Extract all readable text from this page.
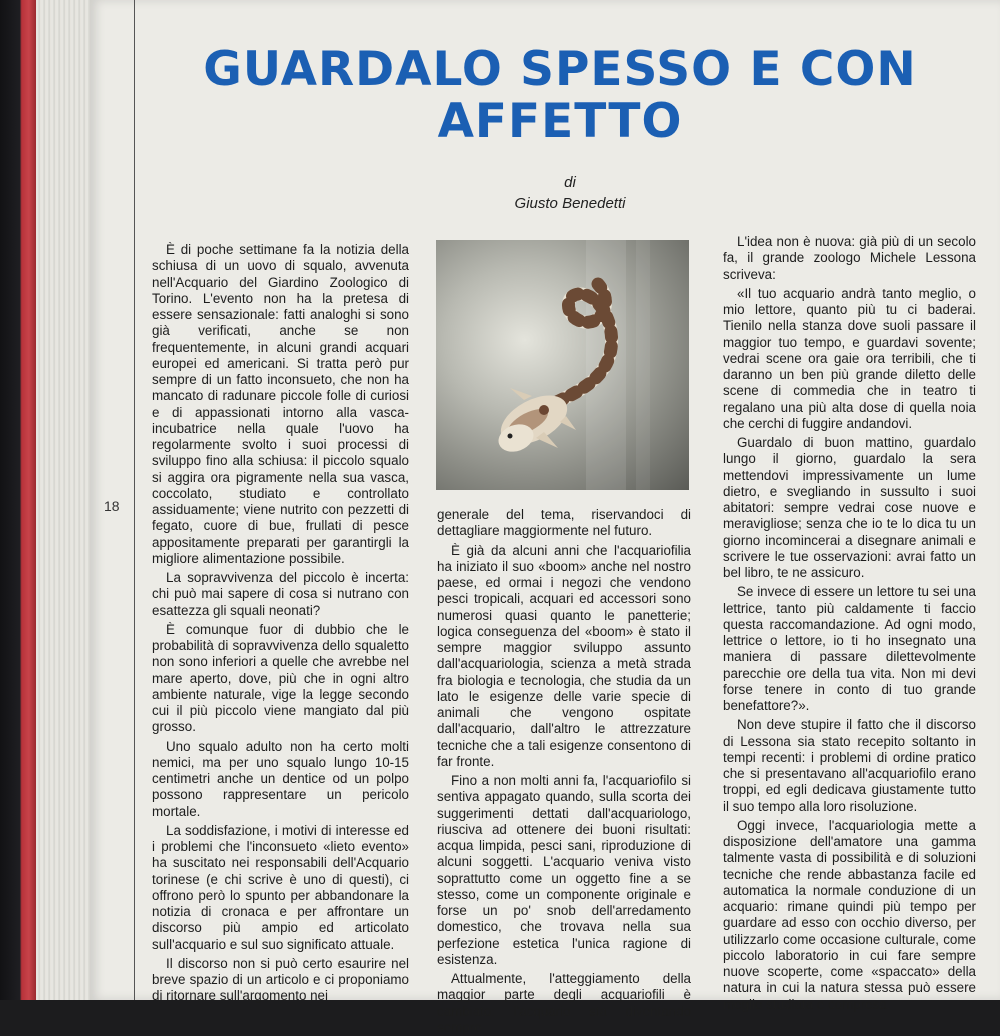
GUARDALO SPESSO E CON AFFETTO
di
Giusto Benedetti
18

È di poche settimane fa la notizia della schiusa di un uovo di squalo, avvenuta nell'Acquario del Giardino Zoologico di Torino. L'evento non ha la pretesa di essere sensazionale: fatti analoghi si sono già verificati, anche se non frequentemente, in alcuni grandi acquari europei ed americani. Si tratta però pur sempre di un fatto inconsueto, che non ha mancato di radunare piccole folle di curiosi e di appassionati intorno alla vasca-incubatrice nella quale l'uovo ha regolarmente svolto i suoi processi di sviluppo fino alla schiusa: il piccolo squalo si aggira ora pigramente nella sua vasca, coccolato, studiato e controllato assiduamente; viene nutrito con pezzetti di fegato, cuore di bue, frullati di pesce appositamente preparati per garantirgli la migliore alimentazione possibile.

La sopravvivenza del piccolo è incerta: chi può mai sapere di cosa si nutrano con esattezza gli squali neonati?

È comunque fuor di dubbio che le probabilità di sopravvivenza dello squaletto non sono inferiori a quelle che avrebbe nel mare aperto, dove, più che in ogni altro ambiente naturale, vige la legge secondo cui il più piccolo viene mangiato dal più grosso.

Uno squalo adulto non ha certo molti nemici, ma per uno squalo lungo 10-15 centimetri anche un dentice od un polpo possono rappresentare un pericolo mortale.

La soddisfazione, i motivi di interesse ed i problemi che l'inconsueto «lieto evento» ha suscitato nei responsabili dell'Acquario torinese (e chi scrive è uno di questi), ci offrono però lo spunto per abbandonare la notizia di cronaca e per affrontare un discorso più ampio ed articolato sull'acquario e sul suo significato attuale.

Il discorso non si può certo esaurire nel breve spazio di un articolo e ci proponiamo di ritornare sull'argomento nei

generale del tema, riservandoci di dettagliare maggiormente nel futuro.

È già da alcuni anni che l'acquariofilia ha iniziato il suo «boom» anche nel nostro paese, ed ormai i negozi che vendono pesci tropicali, acquari ed accessori sono numerosi quasi quanto le panetterie; logica conseguenza del «boom» è stato il sempre maggior sviluppo assunto dall'acquariologia, scienza a metà strada fra biologia e tecnologia, che studia da un lato le esigenze delle varie specie di animali che vengono ospitate dall'acquario, dall'altro le attrezzature tecniche che a tali esigenze consentono di far fronte.

Fino a non molti anni fa, l'acquariofilo si sentiva appagato quando, sulla scorta dei suggerimenti dettati dall'acquariologo, riusciva ad ottenere dei buoni risultati: acqua limpida, pesci sani, riproduzione di alcuni soggetti. L'acquario veniva visto soprattutto come un oggetto fine a se stesso, come un componente originale e forse un po' snob dell'arredamento domestico, che trovava nella sua perfezione estetica l'unica ragione di esistenza.

Attualmente, l'atteggiamento della maggior parte degli acquariofili è cambiato: l'acquario sta diventando sempre

L'idea non è nuova: già più di un secolo fa, il grande zoologo Michele Lessona scriveva:

«Il tuo acquario andrà tanto meglio, o mio lettore, quanto più tu ci baderai. Tienilo nella stanza dove suoli passare il maggior tuo tempo, e guardavi sovente; vedrai scene ora gaie ora terribili, che ti daranno un ben più grande diletto delle scene di commedia che in teatro ti regalano una più alta dose di quella noia che cerchi di fuggire andandovi.

Guardalo di buon mattino, guardalo lungo il giorno, guardalo la sera mettendovi impressivamente un lume dietro, e svegliando in sussulto i suoi abitatori: sempre vedrai cose nuove e meravigliose; senza che io te lo dica tu un giorno incomincerai a disegnare animali e scrivere le tue osservazioni: avrai fatto un bel libro, te ne assicuro.

Se invece di essere un lettore tu sei una lettrice, tanto più caldamente ti faccio questa raccomandazione. Ad ogni modo, lettrice o lettore, io ti ho insegnato una maniera di passare dilettevolmente parecchie ore della tua vita. Non mi devi forse tenere in conto di tuo grande benefattore?».

Non deve stupire il fatto che il discorso di Lessona sia stato recepito soltanto in tempi recenti: i problemi di ordine pratico che si presentavano all'acquariofilo erano troppi, ed egli dedicava giustamente tutto il suo tempo alla loro risoluzione.

Oggi invece, l'acquariologia mette a disposizione dell'amatore una gamma talmente vasta di possibilità e di soluzioni tecniche che rende abbastanza facile ed automatica la normale conduzione di un acquario: rimane quindi più tempo per guardare ad esso con occhio diverso, per utilizzarlo come occasione culturale, come piccolo laboratorio in cui fare sempre nuove scoperte, come «spaccato» della natura in cui la natura stessa può essere meglio studiata e compresa.
